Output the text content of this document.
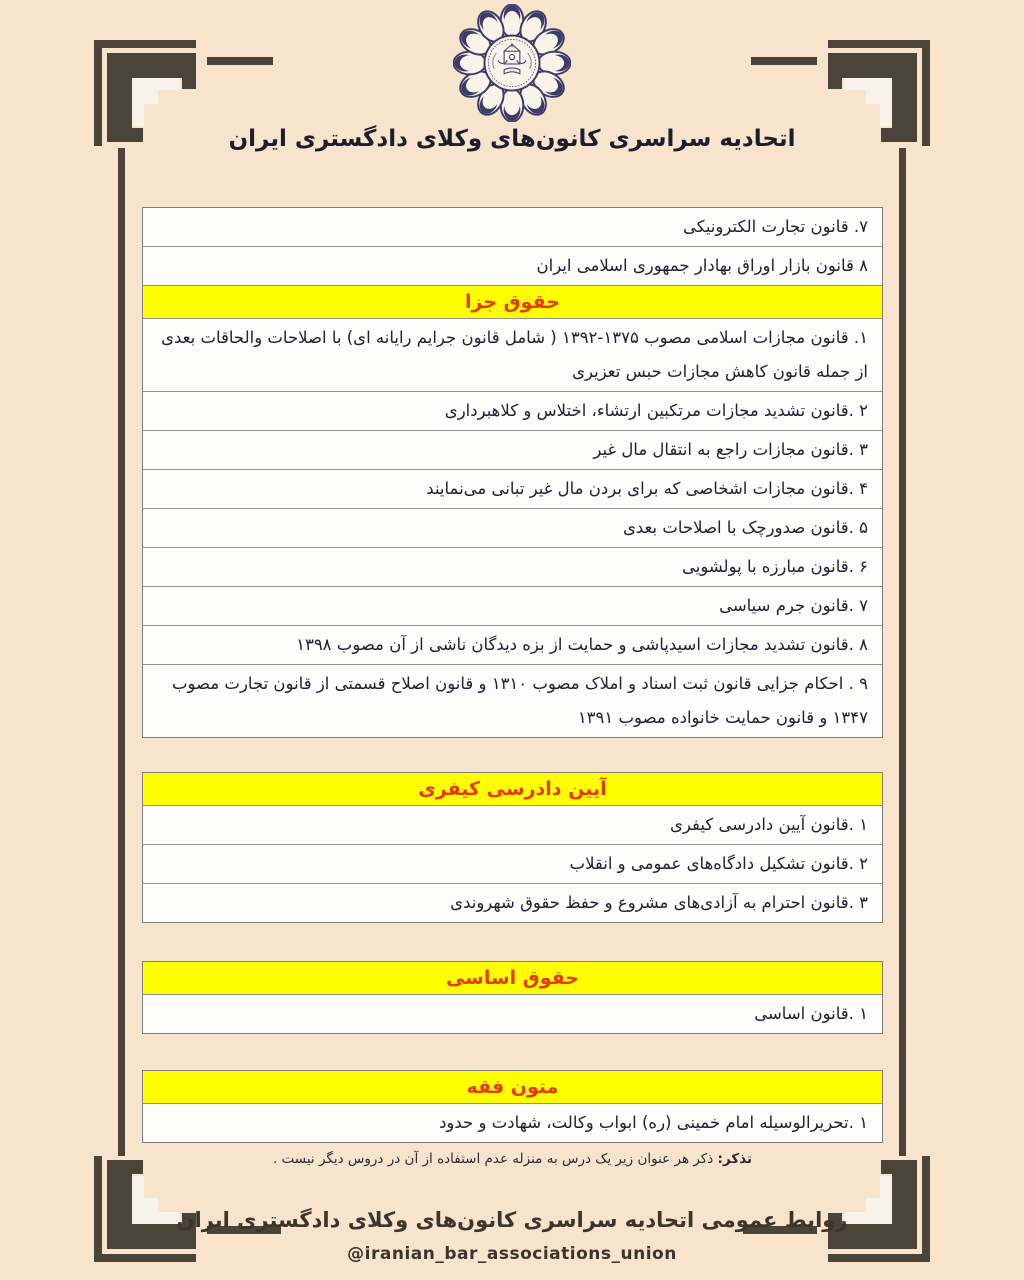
اتحادیه سراسری کانون‌های وکلای دادگستری ایران
۷. قانون تجارت الکترونیکی
۸ قانون بازار اوراق بهادار جمهوری اسلامی ایران
حقوق جزا
۱. قانون مجازات اسلامی مصوب ۱۳۷۵-۱۳۹۲ ( شامل قانون جرایم رایانه ای) با اصلاحات والحاقات بعدی از جمله قانون کاهش مجازات حبس تعزیری
۲ .قانون تشدید مجازات مرتکبین ارتشاء، اختلاس و کلاهبرداری
۳ .قانون مجازات راجع به انتقال مال غیر
۴ .قانون مجازات اشخاصی که برای بردن مال غیر تبانی می‌نمایند
۵ .قانون صدورچک با اصلاحات بعدی
۶ .قانون مبارزه با پولشویی
۷ .قانون جرم سیاسی
۸ .قانون تشدید مجازات اسیدپاشی و حمایت از بزه دیدگان ناشی از آن مصوب ۱۳۹۸
۹ . احکام جزایی قانون ثبت اسناد و املاک مصوب ۱۳۱۰ و قانون اصلاح قسمتی از قانون تجارت مصوب ۱۳۴۷ و قانون حمایت خانواده مصوب ۱۳۹۱
آیین دادرسی کیفری
۱ .قانون آیین دادرسی کیفری
۲ .قانون تشکیل دادگاه‌های عمومی و انقلاب
۳ .قانون احترام به آزادی‌های مشروع و حفظ حقوق شهروندی
حقوق اساسی
۱ .قانون اساسی
متون فقه
۱ .تحریرالوسیله امام خمینی (ره) ابواب وکالت، شهادت و حدود
تذکر: ذکر هر عنوان زیر یک درس به منزله عدم استفاده از آن در دروس دیگر نیست .
روابط عمومی اتحادیه سراسری کانون‌های وکلای دادگستری ایران
@iranian_bar_associations_union
